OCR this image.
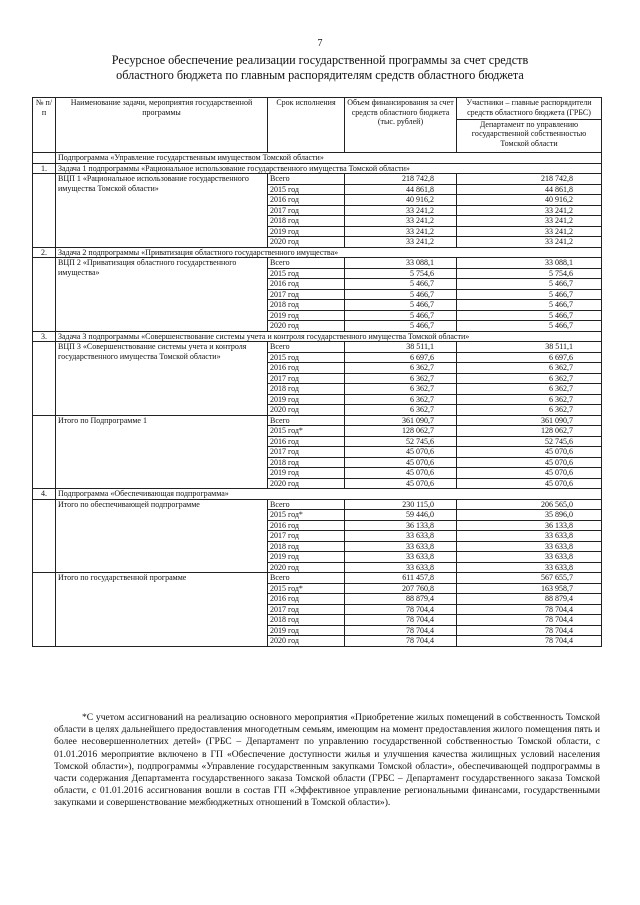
7
Ресурсное обеспечение реализации государственной программы за счет средств
областного бюджета по главным распорядителям средств областного бюджета
№ п/п	Наименование задачи, мероприятия государственной программы	Срок исполнения	Объем финансирования за счет средств областного бюджета (тыс. рублей)	Участники – главные распорядители средств областного бюджета (ГРБС)
				Департамент по управлению государственной собственностью Томской области
	Подпрограмма «Управление государственным имуществом Томской области»			
1.	Задача 1 подпрограммы «Рациональное использование государственного имущества Томской области»			
	ВЦП 1 «Рациональное использование государственного имущества Томской области»	Всего	218 742,8	218 742,8
		2015 год	44 861,8	44 861,8
		2016 год	40 916,2	40 916,2
		2017 год	33 241,2	33 241,2
		2018 год	33 241,2	33 241,2
		2019 год	33 241,2	33 241,2
		2020 год	33 241,2	33 241,2
2.	Задача 2 подпрограммы «Приватизация областного государственного имущества»			
	ВЦП 2 «Приватизация областного государственного имущества»	Всего	33 088,1	33 088,1
		2015 год	5 754,6	5 754,6
		2016 год	5 466,7	5 466,7
		2017 год	5 466,7	5 466,7
		2018 год	5 466,7	5 466,7
		2019 год	5 466,7	5 466,7
		2020 год	5 466,7	5 466,7
3.	Задача 3 подпрограммы «Совершенствование системы учета и контроля государственного имущества Томской области»			
	ВЦП 3 «Совершенствование системы учета и контроля государственного имущества Томской области»	Всего	38 511,1	38 511,1
		2015 год	6 697,6	6 697,6
		2016 год	6 362,7	6 362,7
		2017 год	6 362,7	6 362,7
		2018 год	6 362,7	6 362,7
		2019 год	6 362,7	6 362,7
		2020 год	6 362,7	6 362,7
	Итого по Подпрограмме 1	Всего	361 090,7	361 090,7
		2015 год*	128 062,7	128 062,7
		2016 год	52 745,6	52 745,6
		2017 год	45 070,6	45 070,6
		2018 год	45 070,6	45 070,6
		2019 год	45 070,6	45 070,6
		2020 год	45 070,6	45 070,6
4.	Подпрограмма «Обеспечивающая подпрограмма»			
	Итого по обеспечивающей подпрограмме	Всего	230 115,0	206 565,0
		2015 год*	59 446,0	35 896,0
		2016 год	36 133,8	36 133,8
		2017 год	33 633,8	33 633,8
		2018 год	33 633,8	33 633,8
		2019 год	33 633,8	33 633,8
		2020 год	33 633,8	33 633,8
	Итого по государственной программе	Всего	611 457,8	567 655,7
		2015 год*	207 760,8	163 958,7
		2016 год	88 879,4	88 879,4
		2017 год	78 704,4	78 704,4
		2018 год	78 704,4	78 704,4
		2019 год	78 704,4	78 704,4
		2020 год	78 704,4	78 704,4
*С учетом ассигнований на реализацию основного мероприятия «Приобретение жилых помещений в собственность Томской области в целях дальнейшего предоставления многодетным семьям, имеющим на момент предоставления жилого помещения пять и более несовершеннолетних детей» (ГРБС – Департамент по управлению государственной собственностью Томской области, с 01.01.2016 мероприятие включено в ГП «Обеспечение доступности жилья и улучшения качества жилищных условий населения Томской области»), подпрограммы «Управление государственным закупками Томской области», обеспечивающей подпрограммы в части содержания Департамента государственного заказа Томской области (ГРБС – Департамент государственного заказа Томской области, с 01.01.2016 ассигнования вошли в состав ГП «Эффективное управление региональными финансами, государственными закупками и совершенствование межбюджетных отношений в Томской области»).
